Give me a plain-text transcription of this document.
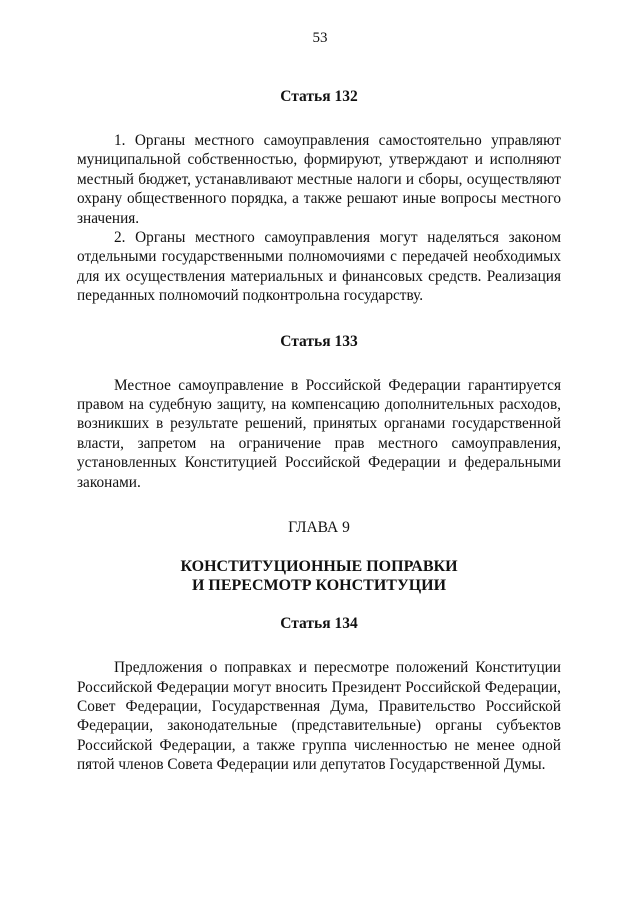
53

Статья 132

1. Органы местного самоуправления самостоятельно управляют муниципальной собственностью, формируют, утверждают и исполняют местный бюджет, устанавливают местные налоги и сборы, осуществляют охрану общественного порядка, а также решают иные вопросы местного значения.

2. Органы местного самоуправления могут наделяться законом отдельными государственными полномочиями с передачей необходимых для их осуществления материальных и финансовых средств. Реализация переданных полномочий подконтрольна государству.

Статья 133

Местное самоуправление в Российской Федерации гарантируется правом на судебную защиту, на компенсацию дополнительных расходов, возникших в результате решений, принятых органами государственной власти, запретом на ограничение прав местного самоуправления, установленных Конституцией Российской Федерации и федеральными законами.

ГЛАВА 9

КОНСТИТУЦИОННЫЕ ПОПРАВКИ

И ПЕРЕСМОТР КОНСТИТУЦИИ

Статья 134

Предложения о поправках и пересмотре положений Конституции Российской Федерации могут вносить Президент Российской Федерации, Совет Федерации, Государственная Дума, Правительство Российской Федерации, законодательные (представительные) органы субъектов Российской Федерации, а также группа численностью не менее одной пятой членов Совета Федерации или депутатов Государственной Думы.
